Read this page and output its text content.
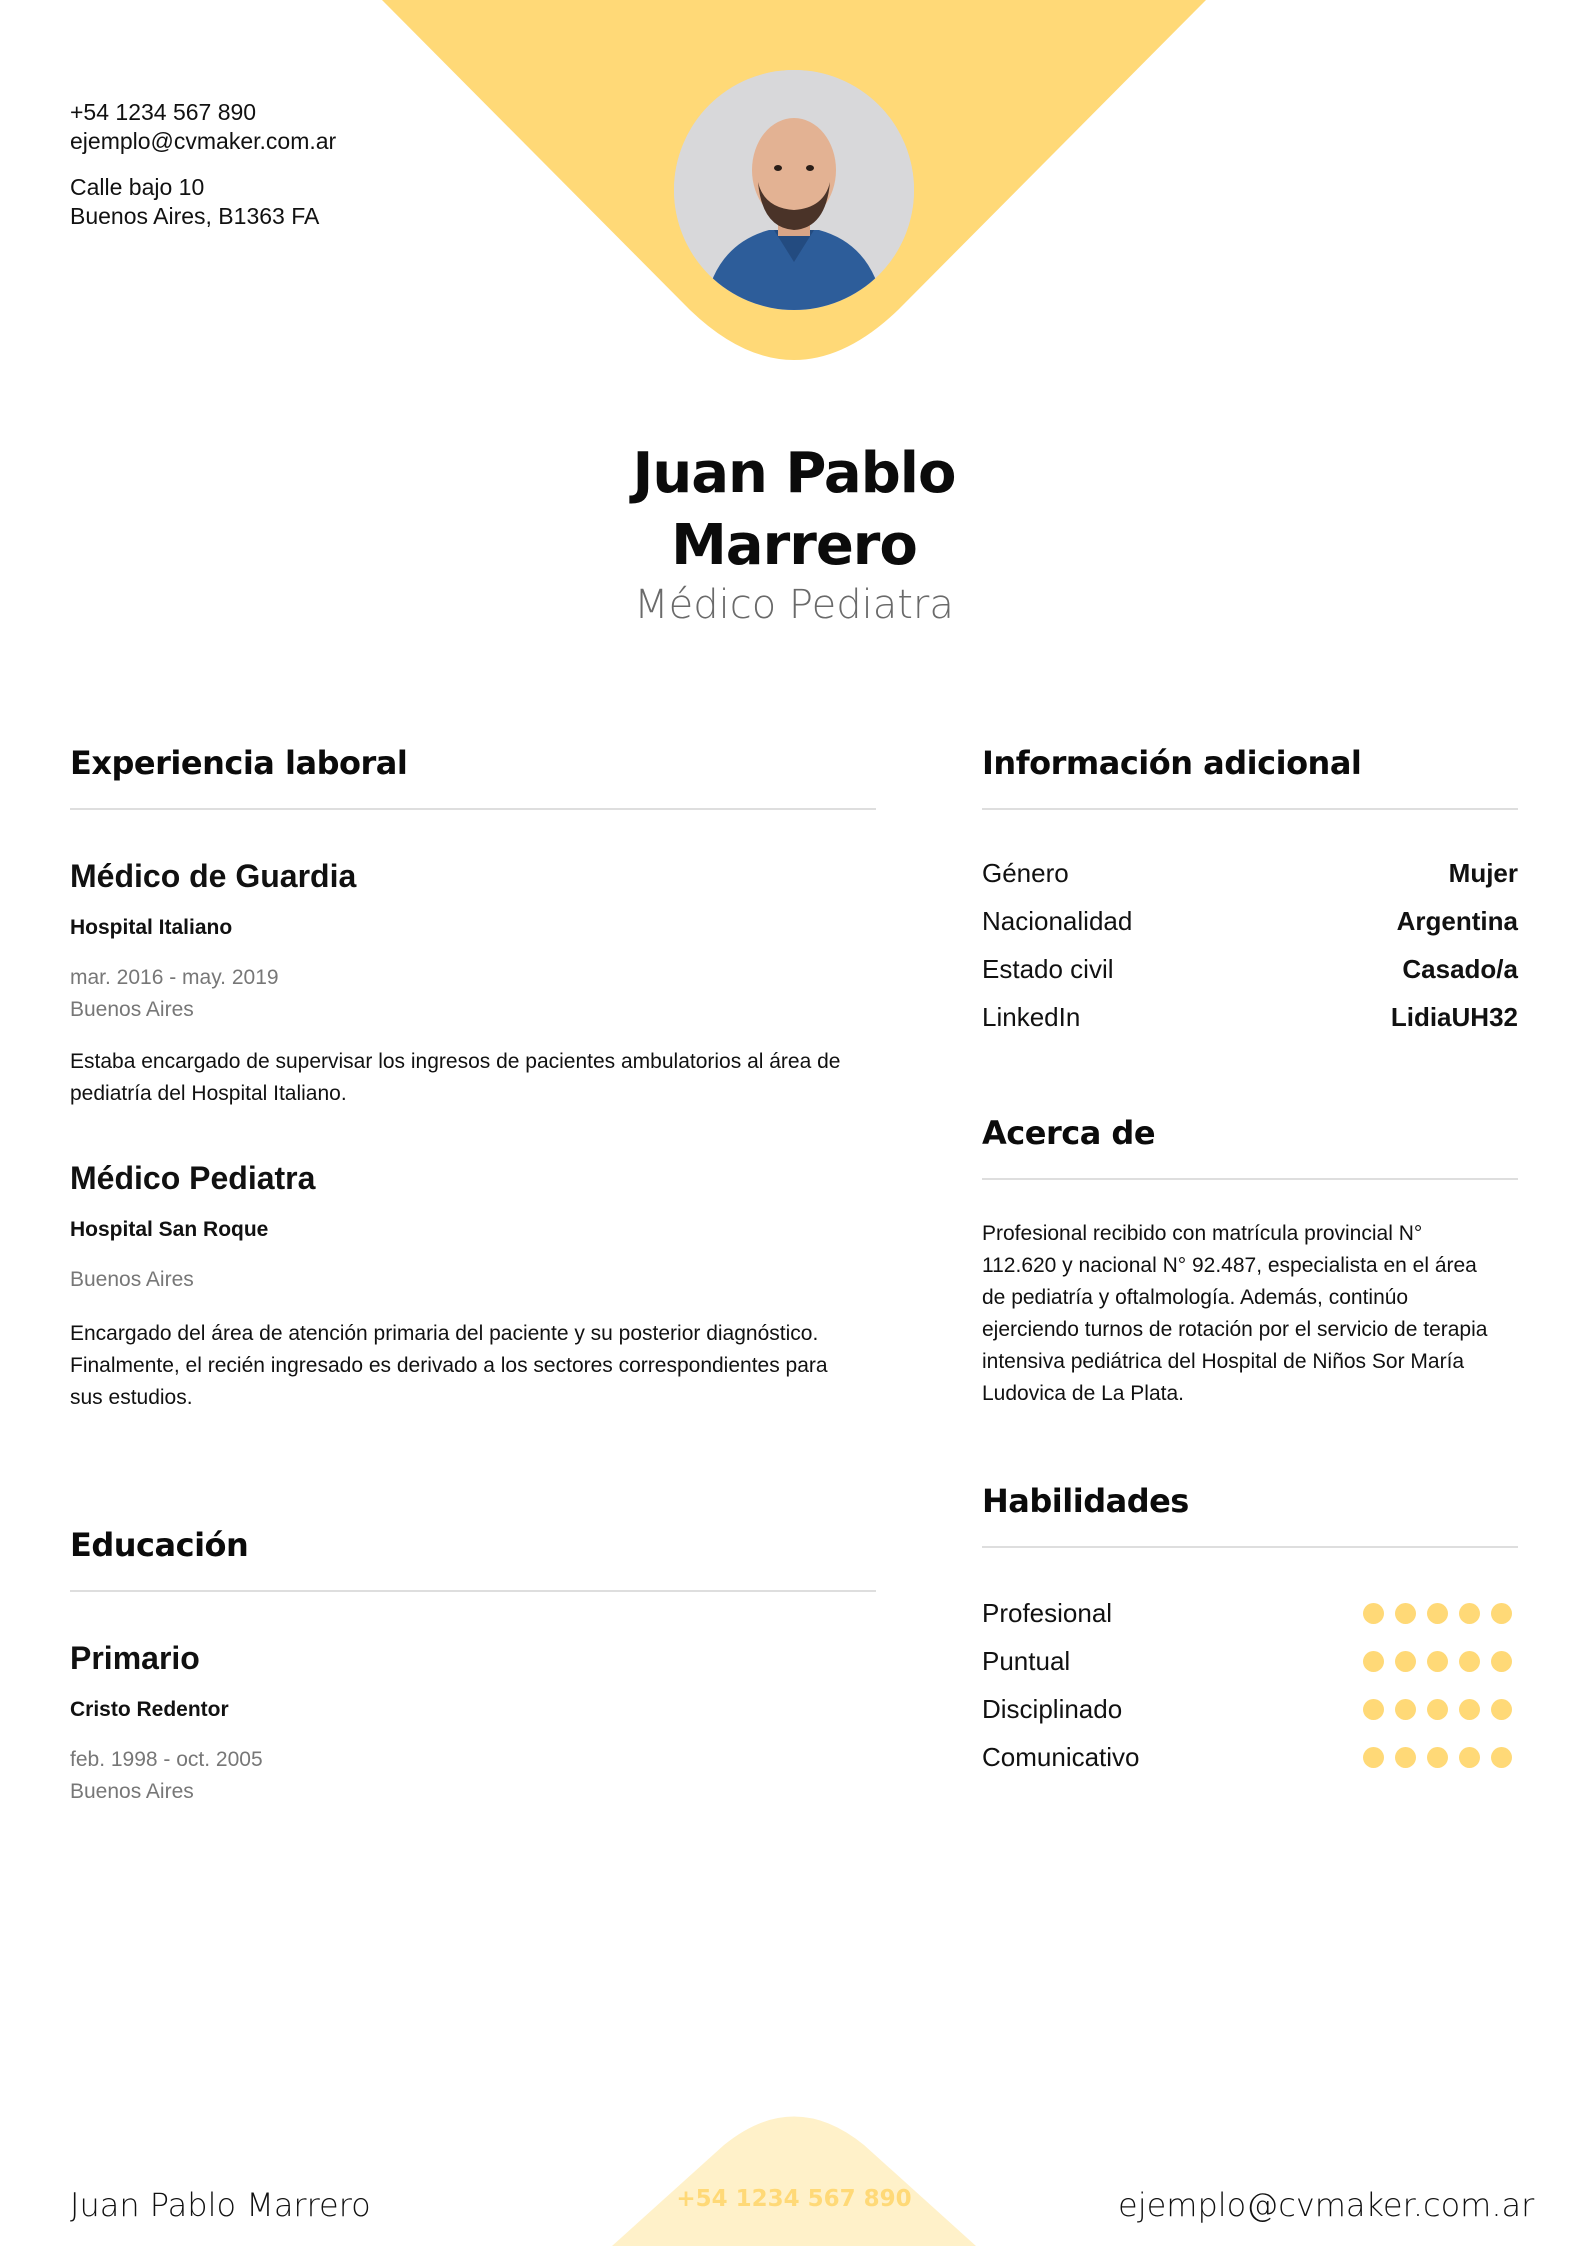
+54 1234 567 890
ejemplo@cvmaker.com.ar
Calle bajo 10
Buenos Aires, B1363 FA
Juan Pablo
Marrero
Médico Pediatra
Experiencia laboral
Médico de Guardia
Hospital Italiano
mar. 2016 - may. 2019
Buenos Aires
Estaba encargado de supervisar los ingresos de pacientes ambulatorios al área de
pediatría del Hospital Italiano.
Médico Pediatra
Hospital San Roque
Buenos Aires
Encargado del área de atención primaria del paciente y su posterior diagnóstico.
Finalmente, el recién ingresado es derivado a los sectores correspondientes para
sus estudios.
Educación
Primario
Cristo Redentor
feb. 1998 - oct. 2005
Buenos Aires
Información adicional
Género	Mujer
Nacionalidad	Argentina
Estado civil	Casado/a
LinkedIn	LidiaUH32
Acerca de
Profesional recibido con matrícula provincial N°
112.620 y nacional N° 92.487, especialista en el área
de pediatría y oftalmología. Además, continúo
ejerciendo turnos de rotación por el servicio de terapia
intensiva pediátrica del Hospital de Niños Sor María
Ludovica de La Plata.
Habilidades
Profesional
Puntual
Disciplinado
Comunicativo
Juan Pablo Marrero	+54 1234 567 890	ejemplo@cvmaker.com.ar
